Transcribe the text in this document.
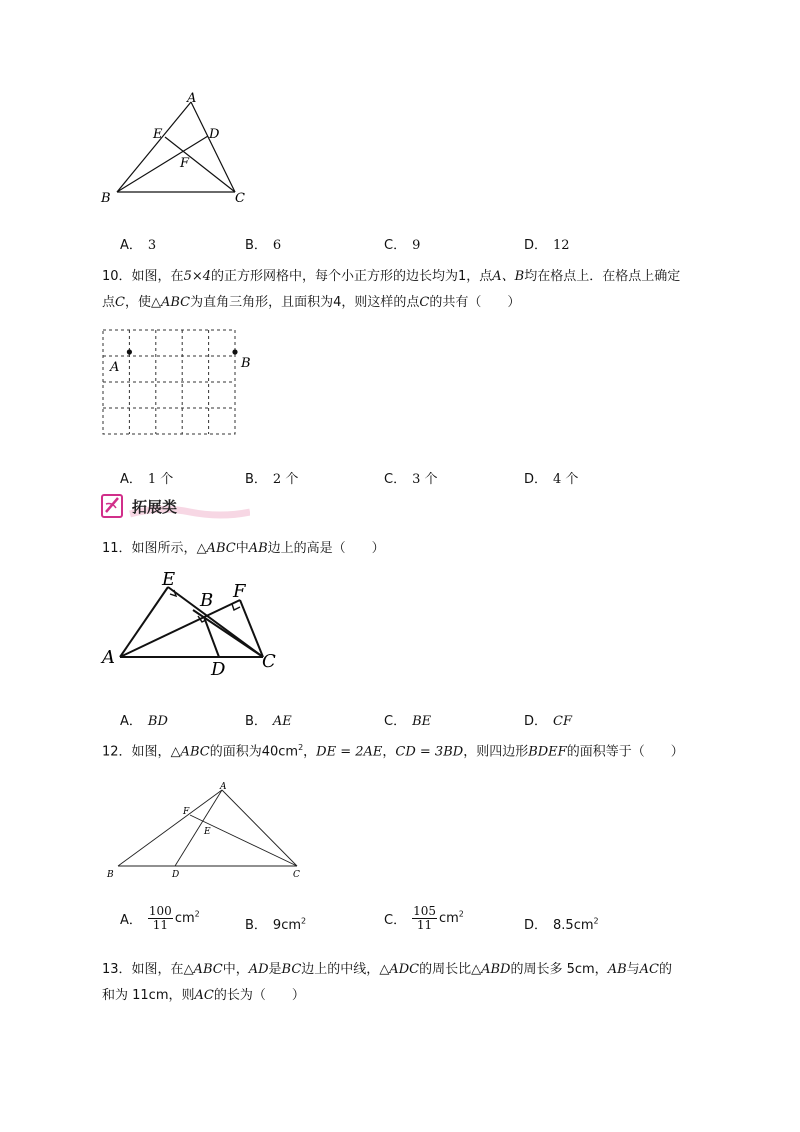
A
E	D
F
B	C
A． 3	B． 6	C． 9	D． 12
10．如图，在5×4的正方形网格中，每个小正方形的边长均为1，点A、B均在格点上．在格点上确定
点C，使△ABC为直角三角形，且面积为4，则这样的点C的共有（　　）
A	B
A． 1 个	B． 2 个	C． 3 个	D． 4 个
拓展类
11．如图所示，△ABC中AB边上的高是（　　）
E
B F
A
D C
A． BD	B． AE	C． BE	D． CF
12．如图，△ABC的面积为$40cm^2$，DE = 2AE，CD = 3BD，则四边形BDEF的面积等于（　　）
A
F
E
B	D	C
A． $\frac{100}{11} cm^2$
B． $9cm^2$	C． $\frac{105}{11} cm^2$
D． $8.5cm^2$
13．如图，在△ABC中，AD是BC边上的中线，△ADC的周长比△ABD的周长多 5cm，AB与AC的
和为 11cm，则AC的长为（　　）
